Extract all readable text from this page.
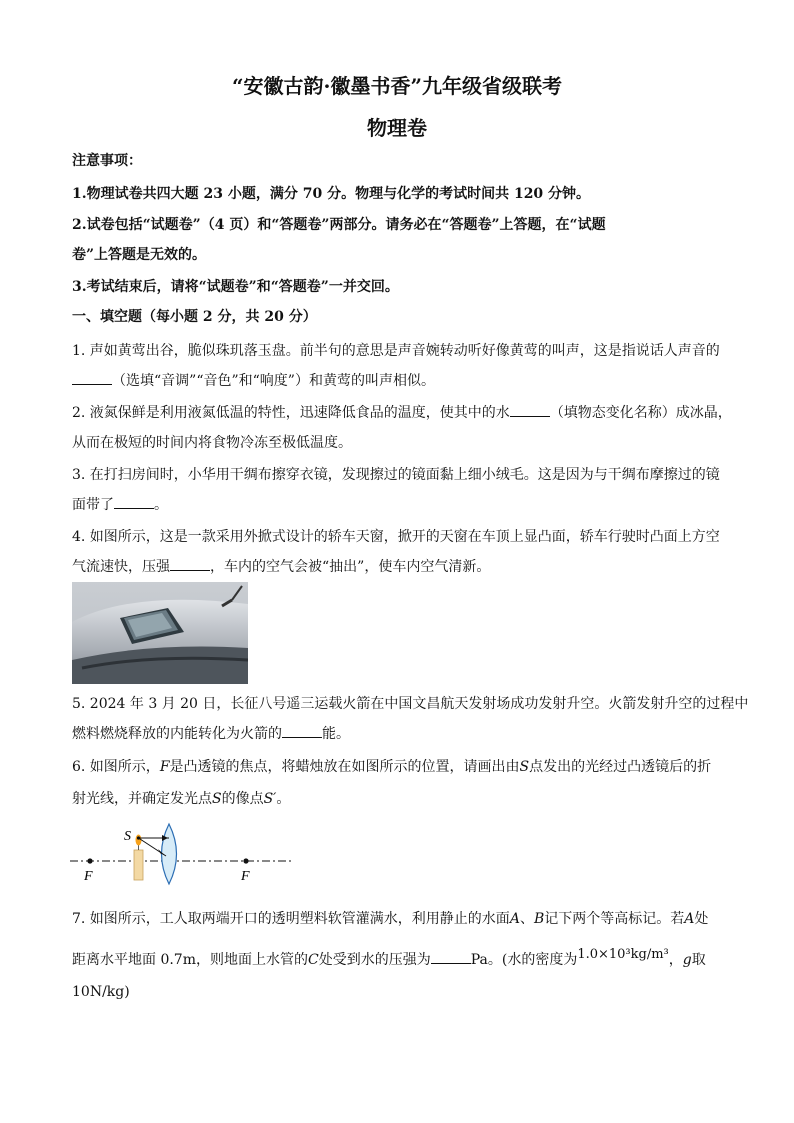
“安徽古韵·徽墨书香”九年级省级联考
物理卷
注意事项：
1.物理试卷共四大题 23 小题，满分 70 分。物理与化学的考试时间共 120 分钟。
2.试卷包括“试题卷”（4 页）和“答题卷”两部分。请务必在“答题卷”上答题，在“试题
卷”上答题是无效的。
3.考试结束后，请将“试题卷”和“答题卷”一并交回。
一、填空题（每小题 2 分，共 20 分）
1. 声如黄莺出谷，脆似珠玑落玉盘。前半句的意思是声音婉转动听好像黄莺的叫声，这是指说话人声音的
（选填“音调”“音色”和“响度”）和黄莺的叫声相似。
2. 液氮保鲜是利用液氮低温的特性，迅速降低食品的温度，使其中的水	（填物态变化名称）成冰晶，
从而在极短的时间内将食物冷冻至极低温度。
3. 在打扫房间时，小华用干绸布擦穿衣镜，发现擦过的镜面黏上细小绒毛。这是因为与干绸布摩擦过的镜
面带了	。
4. 如图所示，这是一款采用外掀式设计的轿车天窗，掀开的天窗在车顶上显凸面，轿车行驶时凸面上方空
气流速快，压强	，车内的空气会被“抽出”，使车内空气清新。
5. 2024 年 3 月 20 日，长征八号遥三运载火箭在中国文昌航天发射场成功发射升空。火箭发射升空的过程中
燃料燃烧释放的内能转化为火箭的	能。
6. 如图所示，F是凸透镜的焦点，将蜡烛放在如图所示的位置，请画出由S点发出的光经过凸透镜后的折
射光线，并确定发光点S的像点S′。
F	F
S
7. 如图所示，工人取两端开口的透明塑料软管灌满水，利用静止的水面A、B记下两个等高标记。若A处
距离水平地面 0.7m，则地面上水管的C处受到水的压强为	Pa。(水的密度为1.0×10³kg/m³，g取
10N/kg)
